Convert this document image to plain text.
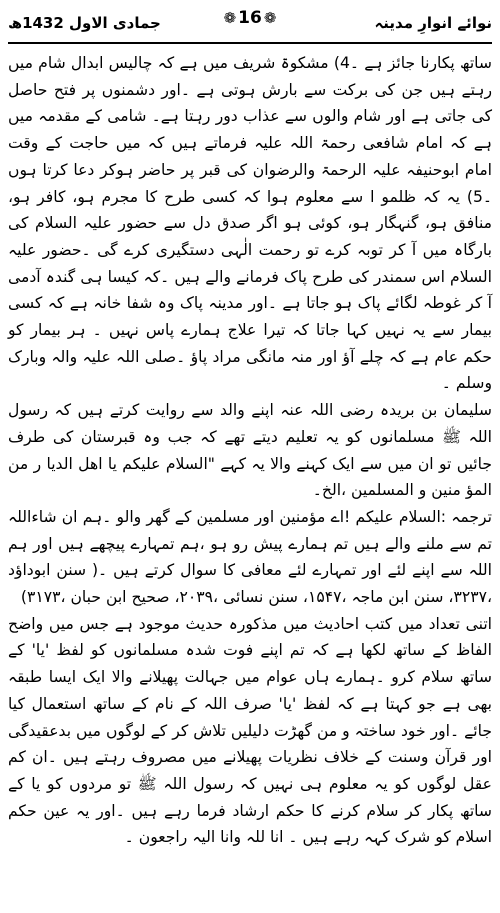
نوائے انوارِ مدینہ
جمادی الاول 1432ھ	❁ 16 ❁

ساتھ پکارنا جائز ہے ۔4) مشکوۃ شریف میں ہے کہ چالیس ابدال شام میں رہتے ہیں جن کی برکت سے بارش ہوتی ہے ۔اور دشمنوں پر فتح حاصل کی جاتی ہے اور شام والوں سے عذاب دور رہتا ہے۔ شامی کے مقدمہ میں ہے کہ امام شافعی رحمۃ اللہ علیہ فرماتے ہیں کہ میں حاجت کے وقت امام ابوحنیفہ علیہ الرحمۃ والرضوان کی قبر پر حاضر ہوکر دعا کرتا ہوں ۔5) یہ کہ ظلمو ا سے معلوم ہوا کہ کسی طرح کا مجرم ہو، کافر ہو، منافق ہو، گنہگار ہو، کوئی ہو اگر صدق دل سے حضور علیہ السلام کی بارگاہ میں آ کر توبہ کرے تو رحمت الٰہی دستگیری کرے گی ۔حضور علیہ السلام اس سمندر کی طرح پاک فرمانے والے ہیں ۔کہ کیسا ہی گندہ آدمی آ کر غوطہ لگائے پاک ہو جاتا ہے ۔اور مدینہ پاک وہ شفا خانہ ہے کہ کسی بیمار سے یہ نہیں کہا جاتا کہ تیرا علاج ہمارے پاس نہیں ۔ ہر بیمار کو حکم عام ہے کہ چلے آؤ اور منہ مانگی مراد پاؤ ۔صلی اللہ علیہ والہ وبارک وسلم ۔

سلیمان بن بریدہ رضی اللہ عنہ اپنے والد سے روایت کرتے ہیں کہ رسول اللہ ﷺ مسلمانوں کو یہ تعلیم دیتے تھے کہ جب وہ قبرستان کی طرف جائیں تو ان میں سے ایک کہنے والا یہ کہے "السلام علیکم یا اھل الدیا ر من المؤ منین و المسلمین ،الخ۔

ترجمہ :السلام علیکم !اے مؤمنین اور مسلمین کے گھر والو ۔ہم ان شاءاللہ تم سے ملنے والے ہیں تم ہمارے پیش رو ہو ،ہم تمہارے پیچھے ہیں اور ہم اللہ سے اپنے لئے اور تمہارے لئے معافی کا سوال کرتے ہیں ۔( سنن ابوداؤد ،۳۲۳۷، سنن ابن ماجہ ،۱۵۴۷، سنن نسائی ،۲۰۳۹، صحیح ابن حبان ،۳۱۷۳)

اتنی تعداد میں کتب احادیث میں مذکورہ حدیث موجود ہے جس میں واضح الفاظ کے ساتھ لکھا ہے کہ تم اپنے فوت شدہ مسلمانوں کو لفظ 'یا' کے ساتھ سلام کرو ۔ہمارے ہاں عوام میں جہالت پھیلانے والا ایک ایسا طبقہ بھی ہے جو کہتا ہے کہ لفظ 'یا' صرف اللہ کے نام کے ساتھ استعمال کیا جائے ۔اور خود ساختہ و من گھڑت دلیلیں تلاش کر کے لوگوں میں بدعقیدگی اور قرآن وسنت کے خلاف نظریات پھیلانے میں مصروف رہتے ہیں ۔ان کم عقل لوگوں کو یہ معلوم ہی نہیں کہ رسول اللہ ﷺ تو مردوں کو یا کے ساتھ پکار کر سلام کرنے کا حکم ارشاد فرما رہے ہیں ۔اور یہ عین حکم اسلام کو شرک کہہ رہے ہیں ۔ انا للہ وانا الیہ راجعون ۔
